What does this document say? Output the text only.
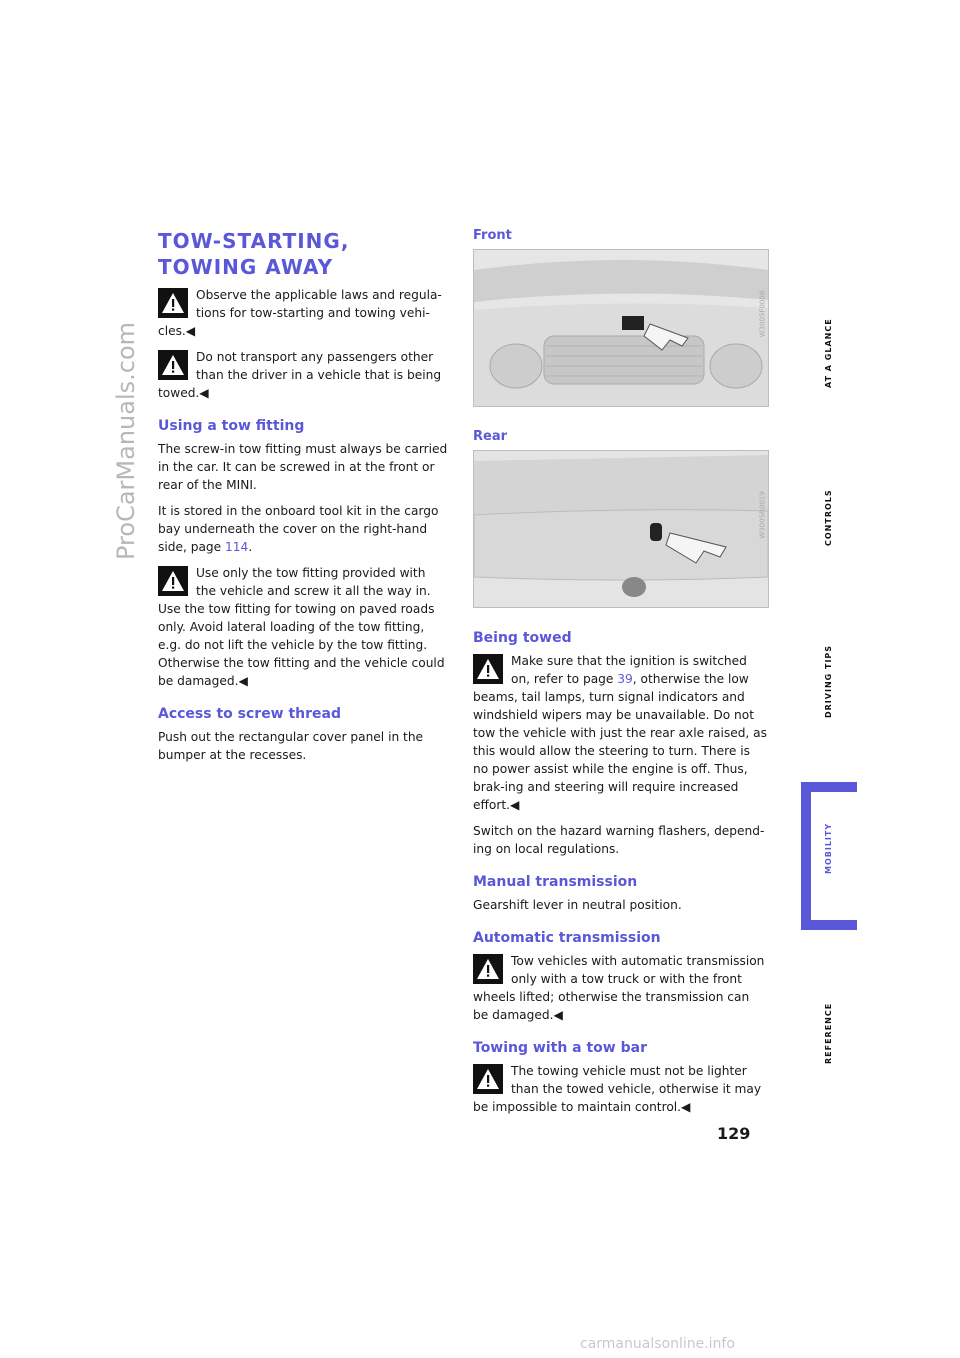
ProCarManuals.com
TOW-STARTING, TOWING AWAY

Observe the applicable laws and regula-tions for tow-starting and towing vehi-cles.◀

Do not transport any passengers other than the driver in a vehicle that is being towed.◀

Using a tow fitting

The screw-in tow fitting must always be carried in the car. It can be screwed in at the front or rear of the MINI.

It is stored in the onboard tool kit in the cargo bay underneath the cover on the right-hand side, page 114.

Use only the tow fitting provided with the vehicle and screw it all the way in. Use the tow fitting for towing on paved roads only. Avoid lateral loading of the tow fitting, e.g. do not lift the vehicle by the tow fitting. Otherwise the tow fitting and the vehicle could be damaged.◀

Access to screw thread

Push out the rectangular cover panel in the bumper at the recesses.

Front
W3005F0008
Rear
W3005R0019
Being towed

Make sure that the ignition is switched on, refer to page 39, otherwise the low beams, tail lamps, turn signal indicators and windshield wipers may be unavailable. Do not tow the vehicle with just the rear axle raised, as this would allow the steering to turn. There is no power assist while the engine is off. Thus, brak-ing and steering will require increased effort.◀

Switch on the hazard warning flashers, depend-ing on local regulations.

Manual transmission

Gearshift lever in neutral position.

Automatic transmission

Tow vehicles with automatic transmission only with a tow truck or with the front wheels lifted; otherwise the transmission can be damaged.◀

Towing with a tow bar

The towing vehicle must not be lighter than the towed vehicle, otherwise it may be impossible to maintain control.◀

AT A GLANCE
CONTROLS
DRIVING TIPS
MOBILITY
REFERENCE
129
carmanualsonline.info
